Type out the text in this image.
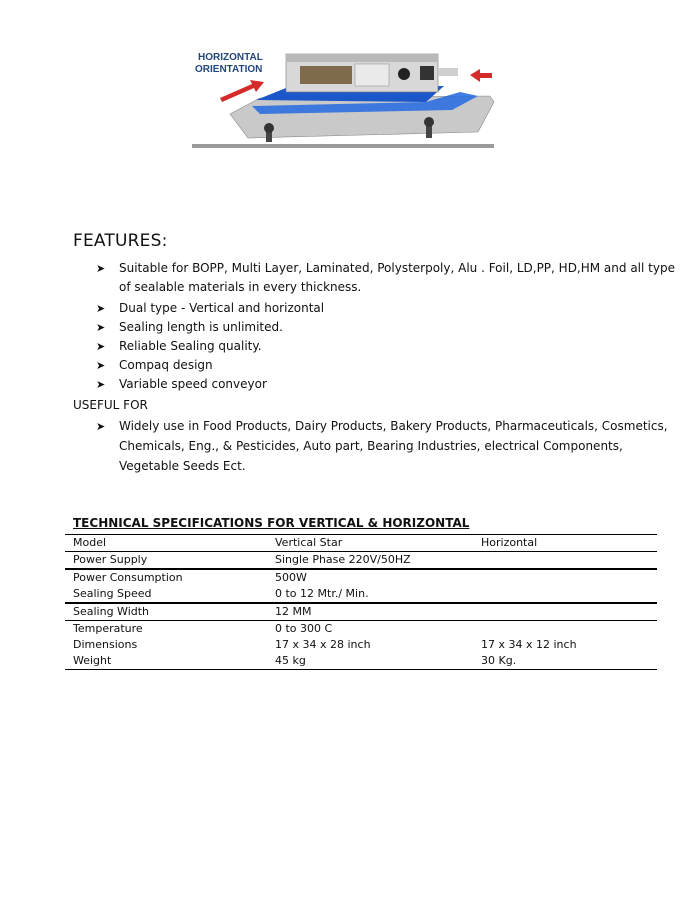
HORIZONTAL
ORIENTATION
FEATURES:
➤ Suitable for BOPP, Multi Layer, Laminated, Polysterpoly, Alu . Foil, LD,PP, HD,HM and all type
of sealable materials in every thickness.
➤ Dual type - Vertical and horizontal
➤ Sealing length is unlimited.
➤ Reliable Sealing quality.
➤ Compaq design
➤ Variable speed conveyor
USEFUL FOR
➤ Widely use in Food Products, Dairy Products, Bakery Products, Pharmaceuticals, Cosmetics,
Chemicals, Eng., & Pesticides, Auto part, Bearing Industries, electrical Components,
Vegetable Seeds Ect.
TECHNICAL SPECIFICATIONS FOR VERTICAL & HORIZONTAL
Model	Vertical Star	Horizontal
Power Supply	Single Phase 220V/50HZ	
Power Consumption	500W	
Sealing Speed	0 to 12 Mtr./ Min.	
Sealing Width	12 MM	
Temperature	0 to 300 C	
Dimensions	17 x 34 x 28 inch	17 x 34 x 12 inch
Weight	45 kg	30 Kg.
